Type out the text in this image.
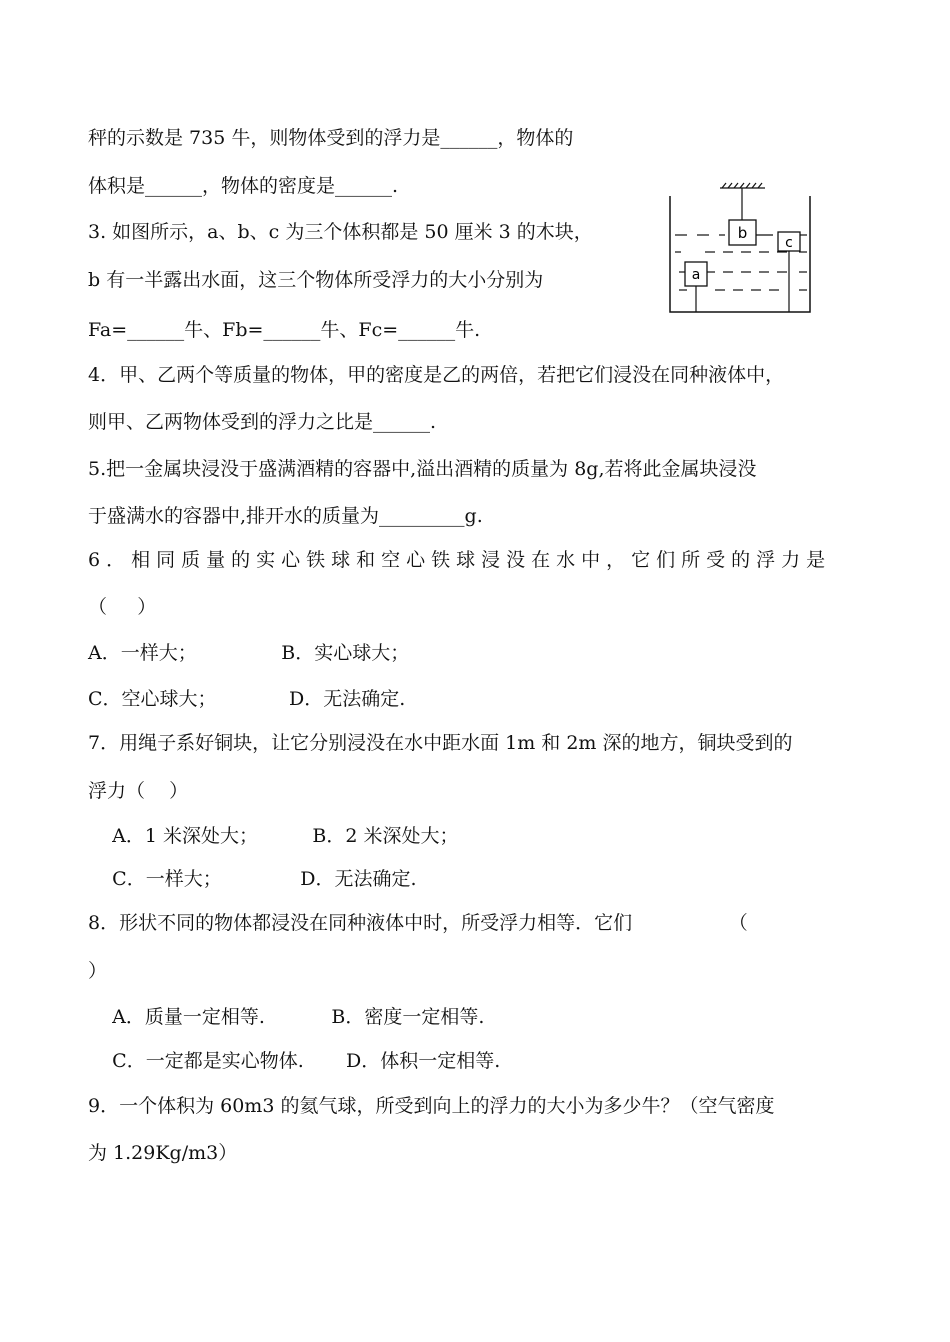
秤的示数是 735 牛，则物体受到的浮力是______，物体的
体积是______，物体的密度是______.
3. 如图所示，a、b、c 为三个体积都是 50 厘米 3 的木块，
b 有一半露出水面，这三个物体所受浮力的大小分别为
Fa=______牛、Fb=______牛、Fc=______牛.
4．甲、乙两个等质量的物体，甲的密度是乙的两倍，若把它们浸没在同种液体中，
则甲、乙两物体受到的浮力之比是______.
5.把一金属块浸没于盛满酒精的容器中,溢出酒精的质量为 8g,若将此金属块浸没
于盛满水的容器中,排开水的质量为_________g.
6．相同质量的实心铁球和空心铁球浸没在水中，它们所受的浮力是
（     ）
A．一样大；              B．实心球大；
C．空心球大；            D．无法确定.
7．用绳子系好铜块，让它分别浸没在水中距水面 1m 和 2m 深的地方，铜块受到的
浮力（    ）
A．1 米深处大；         B．2 米深处大；
C．一样大；             D．无法确定.
8．形状不同的物体都浸没在同种液体中时，所受浮力相等．它们                （
）
A．质量一定相等.           B．密度一定相等.
C．一定都是实心物体.       D．体积一定相等.
9．一个体积为 60m3 的氦气球，所受到向上的浮力的大小为多少牛？（空气密度
为 1.29Kg/m3）
b
c
a
